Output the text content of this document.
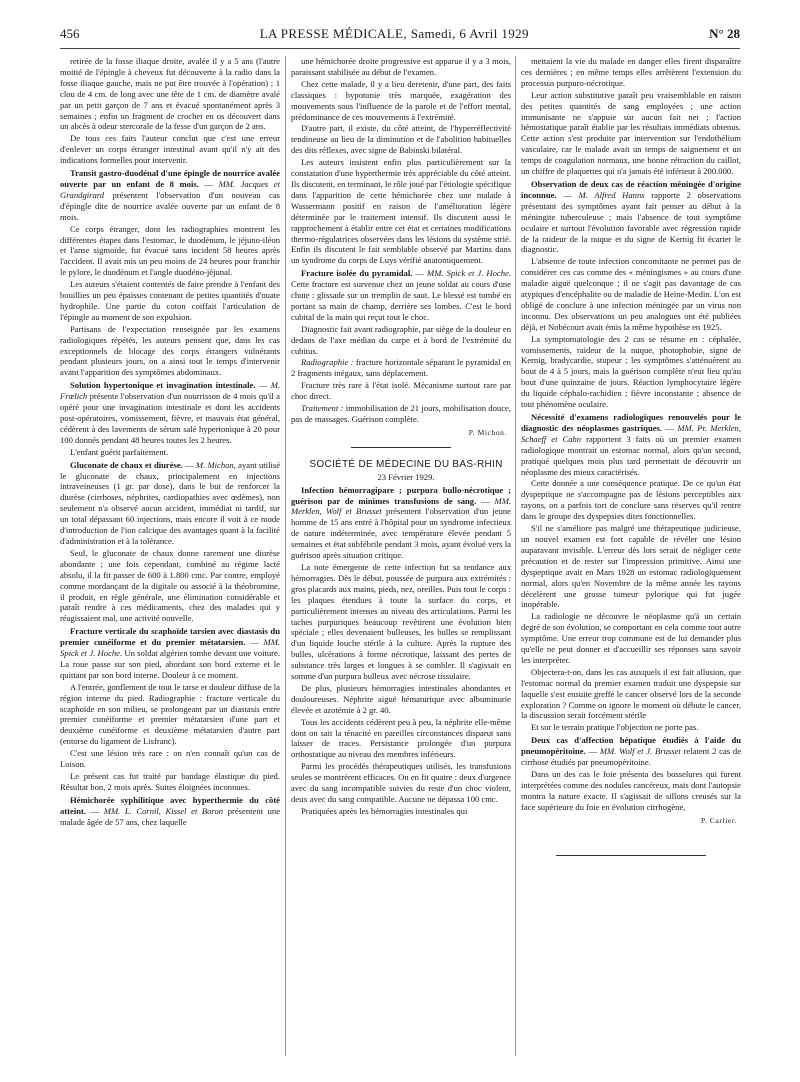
456	LA PRESSE MÉDICALE, Samedi, 6 Avril 1929	N° 28

retirée de la fosse iliaque droite, avalée il y a 5 ans (l'autre moitié de l'épingle à cheveux fut découverte à la radio dans la fosse iliaque gauche, mais ne put être trouvée à l'opération) ; 1 clou de 4 cm. de long avec une tête de 1 cm. de diamètre avalé par un petit garçon de 7 ans et évacué spontanément après 3 semaines ; enfin un fragment de crochet en os découvert dans un abcès à odeur stercorale de la fesse d'un garçon de 2 ans.

De tous ces faits l'auteur conclut que c'est une erreur d'enlever un corps étranger intestinal avant qu'il n'y ait des indications formelles pour intervenir.

Transit gastro-duodénal d'une épingle de nourrice avalée ouverte par un enfant de 8 mois. — MM. Jacques et Grandgirard présentent l'observation d'un nouveau cas d'épingle dite de nourrice avalée ouverte par un enfant de 8 mois.

Ce corps étranger, dont les radiographies montrent les différentes étapes dans l'estomac, le duodénum, le jéjuno-iléon et l'anse sigmoïde, fut évacué sans incident 58 heures après l'accident. Il avait mis un peu moins de 24 heures pour franchir le pylore, le duodénum et l'angle duodéno-jéjunal.

Les auteurs s'étaient contentés de faire prendre à l'enfant des bouillies un peu épaisses contenant de petites quantités d'ouate hydrophile. Une partie du coton coiffait l'articulation de l'épingle au moment de son expulsion.

Partisans de l'expectation renseignée par les examens radiologiques répétés, les auteurs pensent que, dans les cas exceptionnels de blocage des corps étrangers vulnérants pendant plusieurs jours, on a ainsi tout le temps d'intervenir avant l'apparition des symptômes abdominaux.

Solution hypertonique et invagination intestinale. — M. Frœlich présente l'observation d'un nourrisson de 4 mois qu'il a opéré pour une invagination intestinale et dont les accidents post-opératoires, vomissement, fièvre, et mauvais état général, cédèrent à des lavements de sérum salé hypertonique à 20 pour 100 donnés pendant 48 heures toutes les 2 heures.

L'enfant guérit parfaitement.

Gluconate de chaux et diurèse. — M. Michon, ayant utilisé le gluconate de chaux, principalement en injections intraveineuses (1 gr. par dose), dans le but de renforcer la diurèse (cirrhoses, néphrites, cardiopathies avec œdèmes), non seulement n'a observé aucun accident, immédiat ni tardif, sur un total dépassant 60 injections, mais encore il voit à ce mode d'introduction de l'ion calcique des avantages quant à la facilité d'administration et à la tolérance.

Seul, le gluconate de chaux donne rarement une diurèse abondante ; une fois cependant, combiné au régime lacté absolu, il la fit passer de 600 à 1.800 cmc. Par contre, employé comme mordançant de la digitale ou associé à la théobromine, il produit, en règle générale, une élimination considérable et paraît rendre à ces médicaments, chez des malades qui y réagissaient mal, une activité nouvelle.

Fracture verticale du scaphoïde tarsien avec diastasis du premier cunéiforme et du premier métatarsien. — MM. Spick et J. Hoche. Un soldat algérien tombe devant une voiture. La roue passe sur son pied, abordant son bord externe et le quittant par son bord interne. Douleur à ce moment.

A l'entrée, gonflement de tout le tarse et douleur diffuse de la région interne du pied. Radiographie : fracture verticale du scaphoïde en son milieu, se prolongeant par un diastasis entre premier cunéiforme et premier métatarsien d'une part et deuxième cunéiforme et deuxième métatarsien d'autre part (entorse du ligament de Lisfranc).

C'est une lésion très rare : on n'en connaît qu'un cas de Loison.

Le présent cas fut traité par bandage élastique du pied. Résultat bon, 2 mois après. Suites éloignées inconnues.

Hémichorée syphilitique avec hyperthermie du côté atteint. — MM. L. Cornil, Kissel et Boron présentent une malade âgée de 57 ans, chez laquelle

une hémichorée droite progressive est apparue il y a 3 mois, paraissant stabilisée au début de l'examen.

Chez cette malade, il y a lieu deretenir, d'une part, des faits classiques : hypotonie très marquée, exagération des mouvements sous l'influence de la parole et de l'effort mental, prédominance de ces mouvements à l'extrémité.

D'autre part, il existe, du côté atteint, de l'hyperréflectivité tendineuse au lieu de la diminution et de l'abolition habituelles des dits réflexes, avec signe de Babinski bilatéral.

Les auteurs insistent enfin plus particulièrement sur la constatation d'une hyperthermie très appréciable du côté atteint. Ils discutent, en terminant, le rôle joué par l'étiologie spécifique dans l'apparition de cette hémichorée chez une malade à Wassermann positif en raison de l'amélioration légère déterminée par le traitement intensif. Ils discutent aussi le rapprochement à établir entre cet état et certaines modifications thermo-régulatrices observées dans les lésions du système strié. Enfin ils discutent le fait semblable observé par Martins dans un syndrome du corps de Luys vérifié anatomiquement.

Fracture isolée du pyramidal. — MM. Spick et J. Hoche. Cette fracture est survenue chez un jeune soldat au cours d'une chute : glissade sur un tremplin de saut. Le blessé est tombé en portant sa main de champ, derrière ses lombes. C'est le bord cubital de la main qui reçut tout le choc.

Diagnostic fait avant radiographie, par siège de la douleur en dedans de l'axe médian du carpe et à bord de l'extrémité du cubitus.

Radiographie : fracture horizontale séparant le pyramidal en 2 fragments inégaux, sans déplacement.

Fracture très rare à l'état isolé. Mécanisme surtout rare par choc direct.

Traitement : immobilisation de 21 jours, mobilisation douce, pas de massages. Guérison complète.

P. Michon.

SOCIÉTÉ DE MÉDECINE DU BAS-RHIN

23 Février 1929.

Infection hémorragipare ; purpura bullo-nécrotique ; guérison par de minimes transfusions de sang. — MM. Merklen, Wolf et Brusset présentent l'observation d'un jeune homme de 15 ans entré à l'hôpital pour un syndrome infectieux de nature indéterminée, avec température élevée pendant 5 semaines et état subfébrile pendant 3 mois, ayant évolué vers la guérison après situation critique.

La note émergente de cette infection fut sa tendance aux hémorragies. Dès le début, poussée de purpura aux extrémités : gros placards aux mains, pieds, nez, oreilles. Puis tout le corps : les plaques étendues à toute la surface du corps, et particulièrement intenses au niveau des articulations. Parmi les taches purpuriques beaucoup revêtirent une évolution bien spéciale ; elles devenaient bulleuses, les bulles se remplissant d'un liquide louche stérile à la culture. Après la rupture des bulles, ulcérations à forme nécrotique, laissant des pertes de substance très larges et longues à se combler. Il s'agissait en somme d'un purpura bulleux avec nécrose tissulaire.

De plus, plusieurs hémorragies intestinales abondantes et douloureuses. Néphrite aiguë hématurique avec albuminurie élevée et azotémie à 2 gr. 40.

Tous les accidents cédèrent peu à peu, la néphrite elle-même dont on sait la ténacité en pareilles circonstances disparut sans laisser de traces. Persistance prolongée d'un purpura orthostatique au niveau des membres inférieurs.

Parmi les procédés thérapeutiques utilisés, les transfusions seules se montrèrent efficaces. On en fit quatre : deux d'urgence avec du sang incompatible suivies du reste d'un choc violent, deux avec du sang compatible. Aucune ne dépassa 100 cmc.

Pratiquées après les hémorragies intestinales qui

mettaient la vie du malade en danger elles firent disparaître ces dernières ; en même temps elles arrêtèrent l'extension du processus purpuro-nécrotique.

Leur action substitutive paraît peu vraisemblable en raison des petites quantités de sang employées ; une action immunisante ne s'appuie sur aucun fait net ; l'action hémostatique paraît établie par les résultats immédiats obtenus. Cette action s'est produite par intervention sur l'endothélium vasculaire, car le malade avait un temps de saignement et un temps de coagulation normaux, une bonne rétraction du caillot, un chiffre de plaquettes qui n'a jamais été inférieur à 200.000.

Observation de deux cas de réaction méningée d'origine inconnue. — M. Alfred Hanns rapporte 2 observations présentant des symptômes ayant fait penser au début à la méningite tuberculeuse ; mais l'absence de tout symptôme oculaire et surtout l'évolution favorable avec régression rapide de la raideur de la nuque et du signe de Kernig fit écarter le diagnostic.

L'absence de toute infection concomitante ne permet pas de considérer ces cas comme des « méningismes » au cours d'une maladie aiguë quelconque ; il ne s'agit pas davantage de cas atypiques d'encéphalite ou de maladie de Heine-Medin. L'on est obligé de conclure à une infection méningée par un virus non inconnu. Des observations un peu analogues ont été publiées déjà, et Nobécourt avait émis la même hypothèse en 1925.

La symptomatologie des 2 cas se résume en : céphalée, vomissements, raideur de la nuque, photophobie, signe de Kernig, bradycardie, stupeur ; les symptômes s'atténuèrent au bout de 4 à 5 jours, mais la guérison complète n'eut lieu qu'au bout d'une quinzaine de jours. Réaction lymphocytaire légère du liquide céphalo-rachidien ; fièvre inconstante ; absence de tout phénomène oculaire.

Nécessité d'examens radiologiques renouvelés pour le diagnostic des néoplasmes gastriques. — MM. Pr. Merklen, Schaeff et Cahn rapportent 3 faits où un premier examen radiologique montrait un estomac normal, alors qu'un second, pratiqué quelques mois plus tard permettait de découvrir un néoplasme des mieux caractérisés.

Cette donnée a une conséquence pratique. De ce qu'un état dyspeptique ne s'accompagne pas de lésions perceptibles aux rayons, on a parfois tort de conclure sans réserves qu'il rentre dans le groupe des dyspepsies dites fonctionnelles.

S'il ne s'améliore pas malgré une thérapeutique judicieuse, un nouvel examen est fort capable de révéler une lésion auparavant invisible. L'erreur dès lors serait de négliger cette précaution et de rester sur l'impression primitive. Ainsi une dyspeptique avait en Mars 1928 un estomac radiologiquement normal, alors qu'en Novembre de la même année les rayons décelèrent une grosse tumeur pylorique qui fut jugée inopérable.

La radiologie ne découvre le néoplasme qu'à un certain degré de son évolution, se comportant en cela comme tout autre symptôme. Une erreur trop commune est de lui demander plus qu'elle ne peut donner et d'accueillir ses réponses sans savoir les interpréter.

Objectera-t-on, dans les cas auxquels il est fait allusion, que l'estomac normal du premier examen traduit une dyspepsie sur laquelle s'est ensuite greffé le cancer observé lors de la seconde exploration ? Comme on ignore le moment où débute le cancer, la discussion serait forcément stérile

Et sur le terrain pratique l'objection ne porte pas.

Deux cas d'affection hépatique étudiés à l'aide du pneumopéritoine. — MM. Wolf et J. Brusset relatent 2 cas de cirrhose étudiés par pneumopéritoine.

Dans un des cas le foie présenta des bosselures qui furent interprétées comme des nodules cancéreux, mais dont l'autopsie montra la nature exacte. Il s'agissait de sillons creusés sur la face supérieure du foie en évolution cirrhogène,

P. Carlier.
